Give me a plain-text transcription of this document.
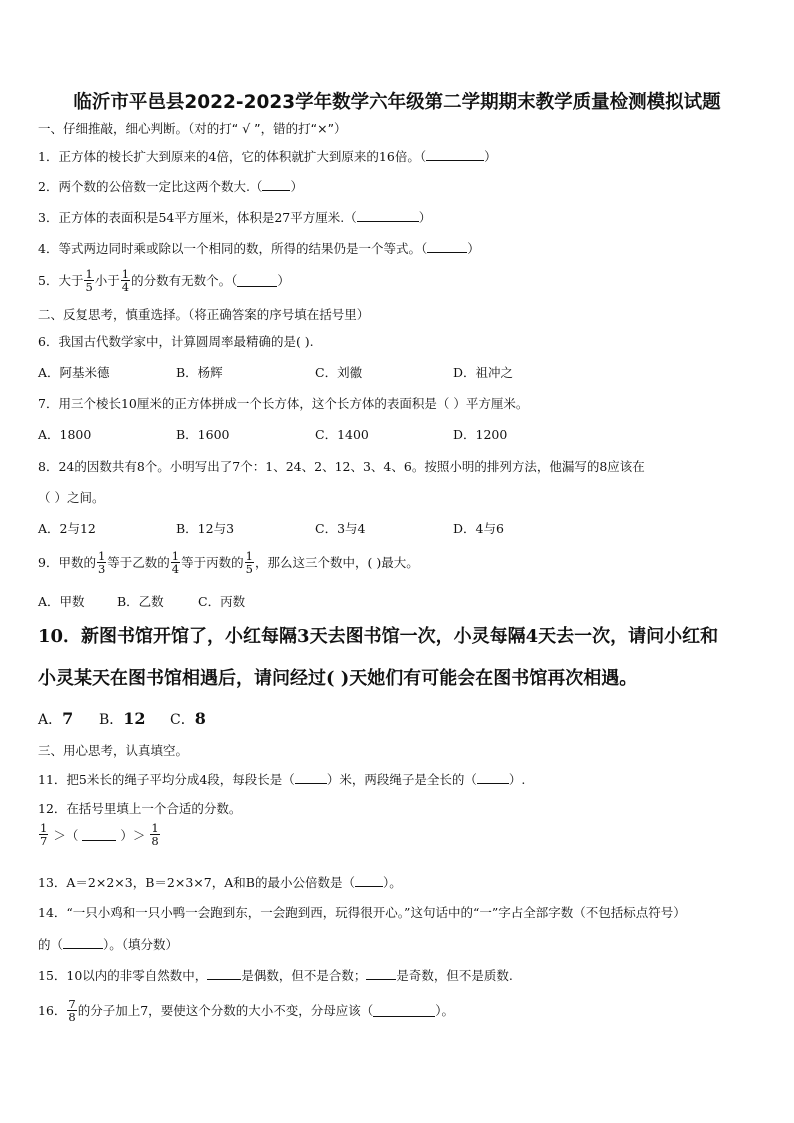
临沂市平邑县2022-2023学年数学六年级第二学期期末教学质量检测模拟试题
一、仔细推敲，细心判断。（对的打“ √ ”，错的打“×”）
1．正方体的棱长扩大到原来的4倍，它的体积就扩大到原来的16倍。（	）
2．两个数的公倍数一定比这两个数大.（ ）
3．正方体的表面积是54平方厘米，体积是27平方厘米.（	）
4．等式两边同时乘或除以一个相同的数，所得的结果仍是一个等式。（	）
5．大于 $\frac{1}{5}$ 小于 $\frac{1}{4}$ 的分数有无数个。（	）
二、反复思考，慎重选择。（将正确答案的序号填在括号里）
6．我国古代数学家中，计算圆周率最精确的是( ).
A．阿基米德	B．杨辉	C．刘徽	D．祖冲之
7．用三个棱长10厘米的正方体拼成一个长方体，这个长方体的表面积是（ ）平方厘米。
A．1800	B．1600	C．1400	D．1200
8．24的因数共有8个。小明写出了7个：1、24、2、12、3、4、6。按照小明的排列方法，他漏写的8应该在
（ ）之间。
A．2与12	B．12与3	C．3与4	D．4与6
9．甲数的 $\frac{1}{3}$ 等于乙数的 $\frac{1}{4}$ 等于丙数的 $\frac{1}{5}$ ，那么这三个数中，( )最大。
A．甲数	B．乙数	C．丙数
10．新图书馆开馆了，小红每隔3天去图书馆一次，小灵每隔4天去一次，请问小红和
小灵某天在图书馆相遇后，请问经过( )天她们有可能会在图书馆再次相遇。
A．7 B．12 C．8
三、用心思考，认真填空。
11．把5米长的绳子平均分成4段，每段长是（	）米，两段绳子是全长的（	）.
12．在括号里填上一个合适的分数。
$\frac{1}{7}$ ＞（	）＞ $\frac{1}{8}$
13．A＝2×2×3，B＝2×3×7，A和B的最小公倍数是（ ）。
14．“一只小鸡和一只小鸭一会跑到东，一会跑到西，玩得很开心。”这句话中的“一”字占全部字数（不包括标点符号）
的（	）。（填分数）
15．10以内的非零自然数中，	是偶数，但不是合数； 是奇数，但不是质数.
16． $\frac{7}{8}$ 的分子加上7，要使这个分数的大小不变，分母应该（	）。
